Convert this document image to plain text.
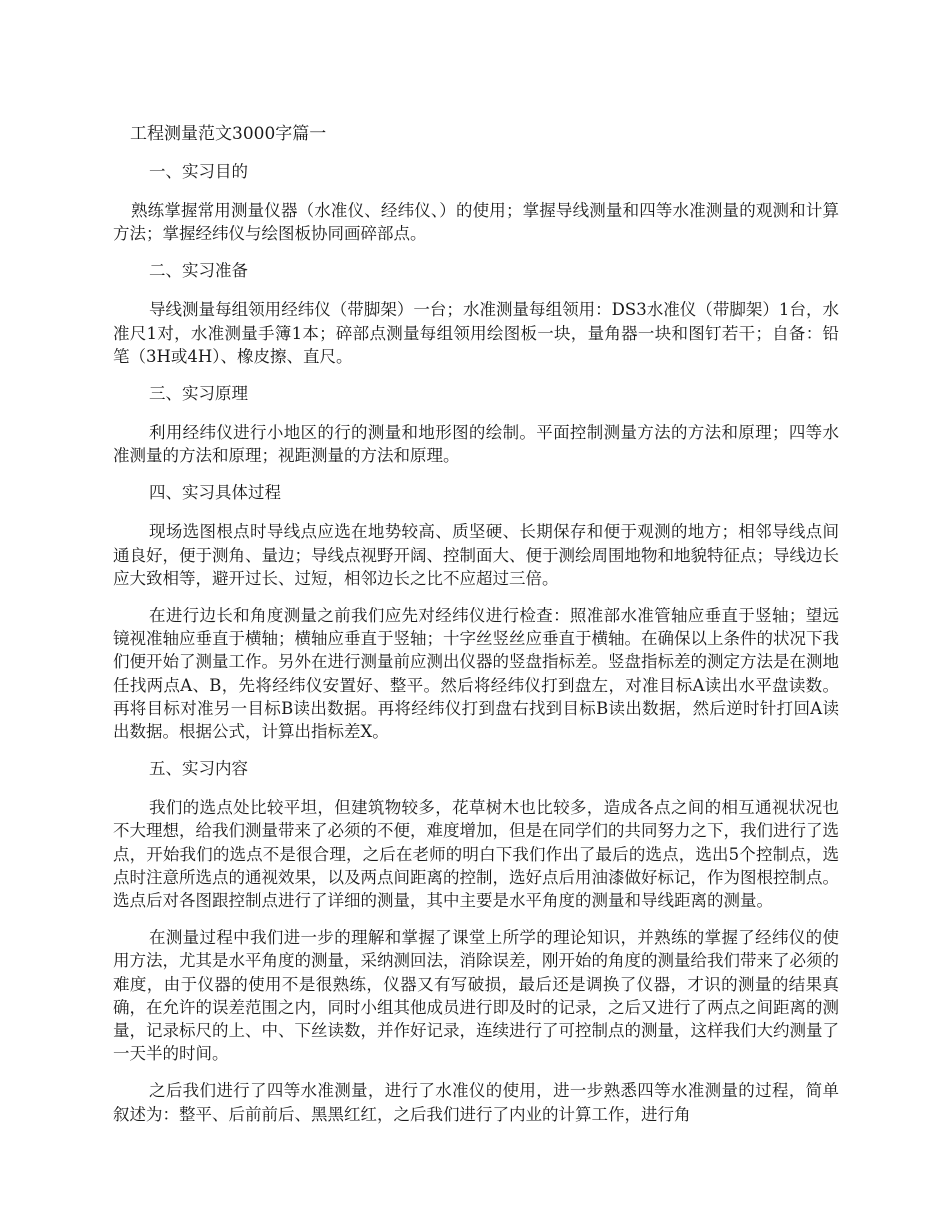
工程测量范文3000字篇一
一、实习目的

熟练掌握常用测量仪器（水准仪、经纬仪、）的使用；掌握导线测量和四等水准测量的观测和计算方法；掌握经纬仪与绘图板协同画碎部点。

二、实习准备

导线测量每组领用经纬仪（带脚架）一台；水准测量每组领用：DS3水准仪（带脚架）1台，水准尺1对，水准测量手簿1本；碎部点测量每组领用绘图板一块，量角器一块和图钉若干；自备：铅笔（3H或4H）、橡皮擦、直尺。

三、实习原理

利用经纬仪进行小地区的行的测量和地形图的绘制。平面控制测量方法的方法和原理；四等水准测量的方法和原理；视距测量的方法和原理。

四、实习具体过程

现场选图根点时导线点应选在地势较高、质坚硬、长期保存和便于观测的地方；相邻导线点间通良好，便于测角、量边；导线点视野开阔、控制面大、便于测绘周围地物和地貌特征点；导线边长应大致相等，避开过长、过短，相邻边长之比不应超过三倍。

在进行边长和角度测量之前我们应先对经纬仪进行检查：照准部水准管轴应垂直于竖轴；望远镜视准轴应垂直于横轴；横轴应垂直于竖轴；十字丝竖丝应垂直于横轴。在确保以上条件的状况下我们便开始了测量工作。另外在进行测量前应测出仪器的竖盘指标差。竖盘指标差的测定方法是在测地任找两点A、B，先将经纬仪安置好、整平。然后将经纬仪打到盘左，对准目标A读出水平盘读数。再将目标对准另一目标B读出数据。再将经纬仪打到盘右找到目标B读出数据，然后逆时针打回A读出数据。根据公式，计算出指标差X。

五、实习内容

我们的选点处比较平坦，但建筑物较多，花草树木也比较多，造成各点之间的相互通视状况也不大理想，给我们测量带来了必须的不便，难度增加，但是在同学们的共同努力之下，我们进行了选点，开始我们的选点不是很合理，之后在老师的明白下我们作出了最后的选点，选出5个控制点，选点时注意所选点的通视效果，以及两点间距离的控制，选好点后用油漆做好标记，作为图根控制点。选点后对各图跟控制点进行了详细的测量，其中主要是水平角度的测量和导线距离的测量。

在测量过程中我们进一步的理解和掌握了课堂上所学的理论知识，并熟练的掌握了经纬仪的使用方法，尤其是水平角度的测量，采纳测回法，消除误差，刚开始的角度的测量给我们带来了必须的难度，由于仪器的使用不是很熟练，仪器又有写破损，最后还是调换了仪器，才识的测量的结果真确，在允许的误差范围之内，同时小组其他成员进行即及时的记录，之后又进行了两点之间距离的测量，记录标尺的上、中、下丝读数，并作好记录，连续进行了可控制点的测量，这样我们大约测量了一天半的时间。

之后我们进行了四等水准测量，进行了水准仪的使用，进一步熟悉四等水准测量的过程，简单叙述为：整平、后前前后、黑黑红红，之后我们进行了内业的计算工作，进行角
